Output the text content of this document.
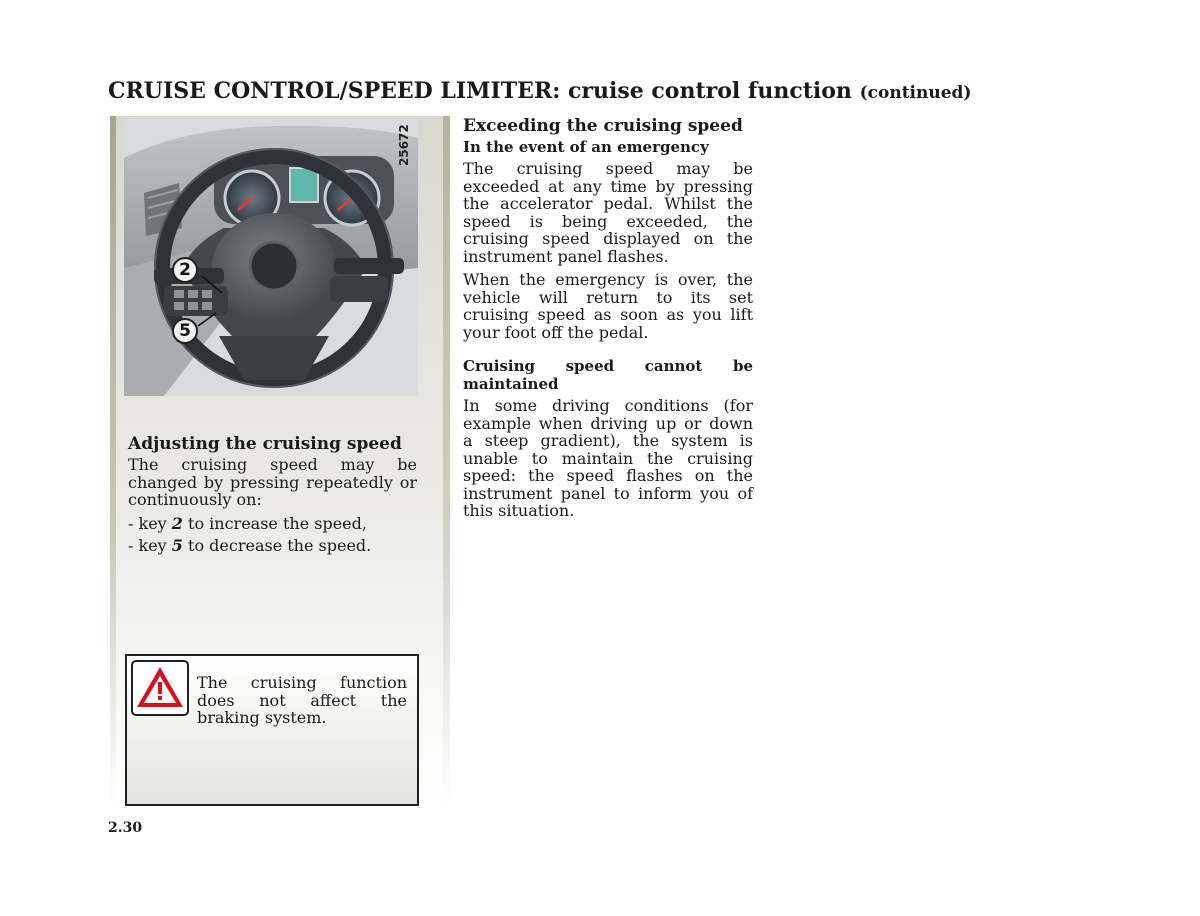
CRUISE CONTROL/SPEED LIMITER: cruise control function (continued)
2
5
25672
Adjusting the cruising speed

The cruising speed may be changed by pressing repeatedly or continuously on:

- key 2 to increase the speed,

- key 5 to decrease the speed.

The cruising function does not affect the braking system.
Exceeding the cruising speed
In the event of an emergency

The cruising speed may be exceeded at any time by pressing the accelerator pedal. Whilst the speed is being exceeded, the cruising speed displayed on the instrument panel flashes.

When the emergency is over, the vehicle will return to its set cruising speed as soon as you lift your foot off the pedal.

Cruising speed cannot be maintained

In some driving conditions (for example when driving up or down a steep gradient), the system is unable to maintain the cruising speed: the speed flashes on the instrument panel to inform you of this situation.

2.30
